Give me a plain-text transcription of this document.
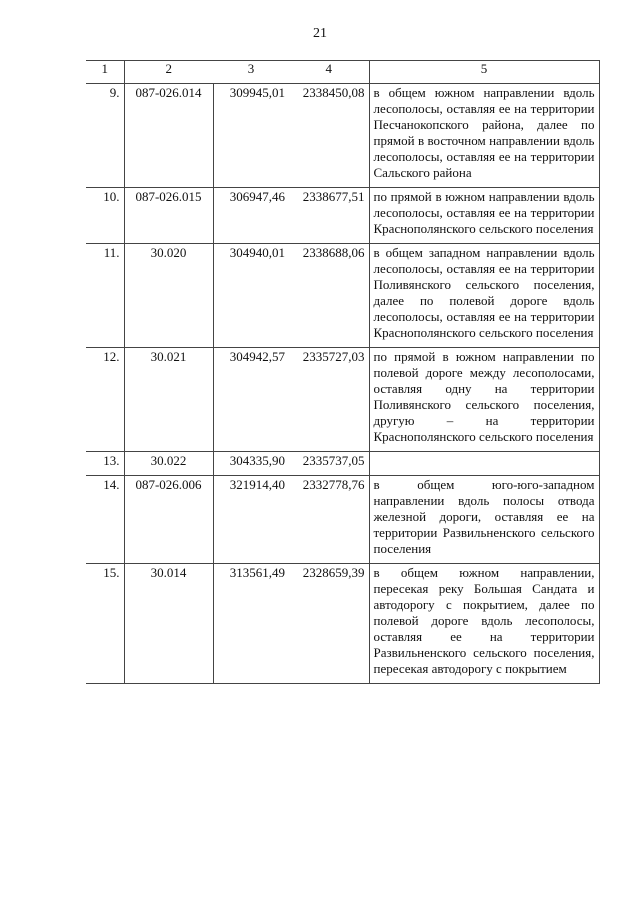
21
1	2	3	4	5
9.	087-026.014	309945,01	2338450,08	в общем южном направлении вдоль лесополосы, оставляя ее на территории Песчанокопского района, далее по прямой в восточном направлении вдоль лесополосы, оставляя ее на территории Сальского района
10.	087-026.015	306947,46	2338677,51	по прямой в южном направлении вдоль лесополосы, оставляя ее на территории Краснополянского сельского поселения
11.	30.020	304940,01	2338688,06	в общем западном направлении вдоль лесополосы, оставляя ее на территории Поливянского сельского поселения, далее по полевой дороге вдоль лесополосы, оставляя ее на территории Краснополянского сельского поселения
12.	30.021	304942,57	2335727,03	по прямой в южном направлении по полевой дороге между лесополосами, оставляя одну на территории Поливянского сельского поселения, другую – на территории Краснополянского сельского поселения
13.	30.022	304335,90	2335737,05	
14.	087-026.006	321914,40	2332778,76	в общем юго-юго-западном направлении вдоль полосы отвода железной дороги, оставляя ее на территории Развильненского сельского поселения
15.	30.014	313561,49	2328659,39	в общем южном направлении, пересекая реку Большая Сандата и автодорогу с покрытием, далее по полевой дороге вдоль лесополосы, оставляя ее на территории Развильненского сельского поселения, пересекая автодорогу с покрытием
